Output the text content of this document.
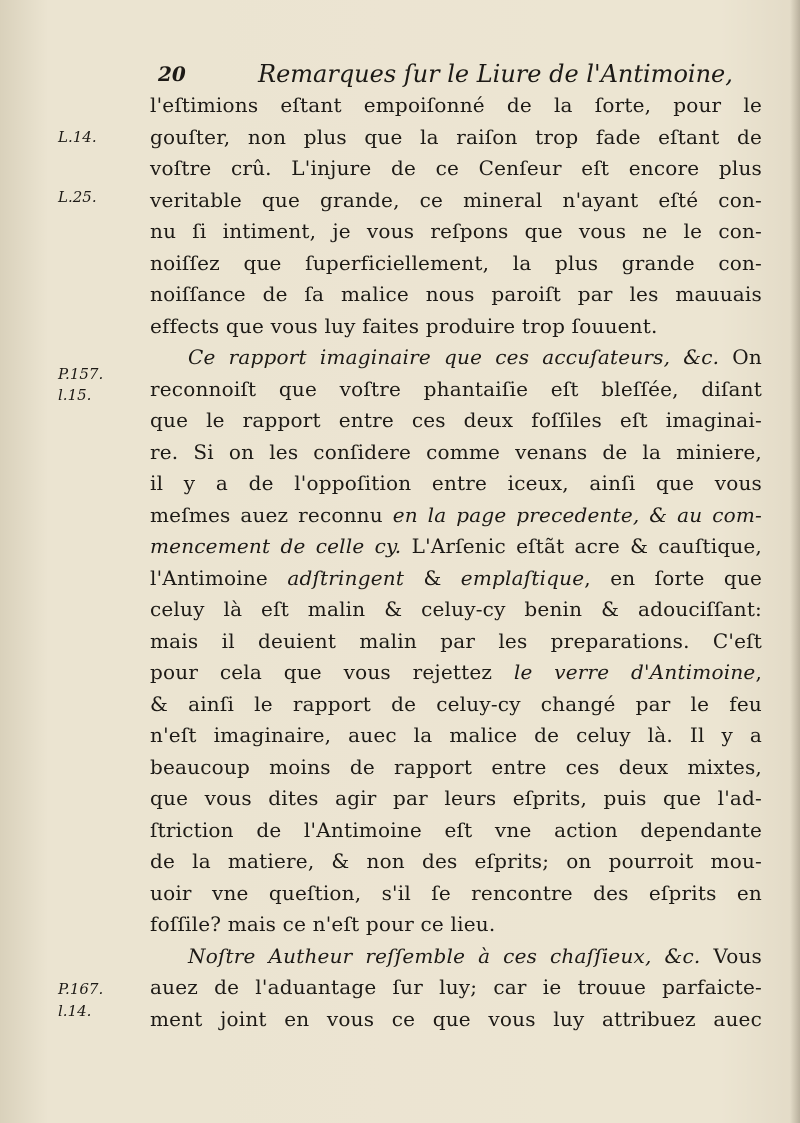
20	Remarques ſur le Liure de l'Antimoine,
L.14.
L.25.
P.157.
l.15.
P.167.
l.14.
l'eſtimions eſtant empoiſonné de la ſorte, pour le
gouſter, non plus que la raiſon trop fade eſtant de
voſtre crû. L'injure de ce Cenſeur eſt encore plus
veritable que grande, ce mineral n'ayant eſté con-
nu ſi intiment, je vous reſpons que vous ne le con-
noiſſez que ſuperficiellement, la plus grande con-
noiſſance de ſa malice nous paroiſt par les mauuais
effects que vous luy faites produire trop ſouuent.
Ce rapport imaginaire que ces accuſateurs, &c. On
reconnoiſt que voſtre phantaiſie eſt bleſſée, diſant
que le rapport entre ces deux foſſiles eſt imaginai-
re. Si on les conſidere comme venans de la miniere,
il y a de l'oppoſition entre iceux, ainſi que vous
meſmes auez reconnu en la page precedente, & au com-
mencement de celle cy. L'Arſenic eſtãt acre & cauſtique,
l'Antimoine adſtringent & emplaſtique, en ſorte que
celuy là eſt malin & celuy-cy benin & adouciſſant:
mais il deuient malin par les preparations. C'eſt
pour cela que vous rejettez le verre d'Antimoine,
& ainſi le rapport de celuy-cy changé par le feu
n'eſt imaginaire, auec la malice de celuy là. Il y a
beaucoup moins de rapport entre ces deux mixtes,
que vous dites agir par leurs eſprits, puis que l'ad-
ſtriction de l'Antimoine eſt vne action dependante
de la matiere, & non des eſprits; on pourroit mou-
uoir vne queſtion, s'il ſe rencontre des eſprits en
foſſile? mais ce n'eſt pour ce lieu.
Noſtre Autheur reſſemble à ces chaſſieux, &c. Vous
auez de l'aduantage ſur luy; car ie trouue parfaicte-
ment joint en vous ce que vous luy attribuez auec
